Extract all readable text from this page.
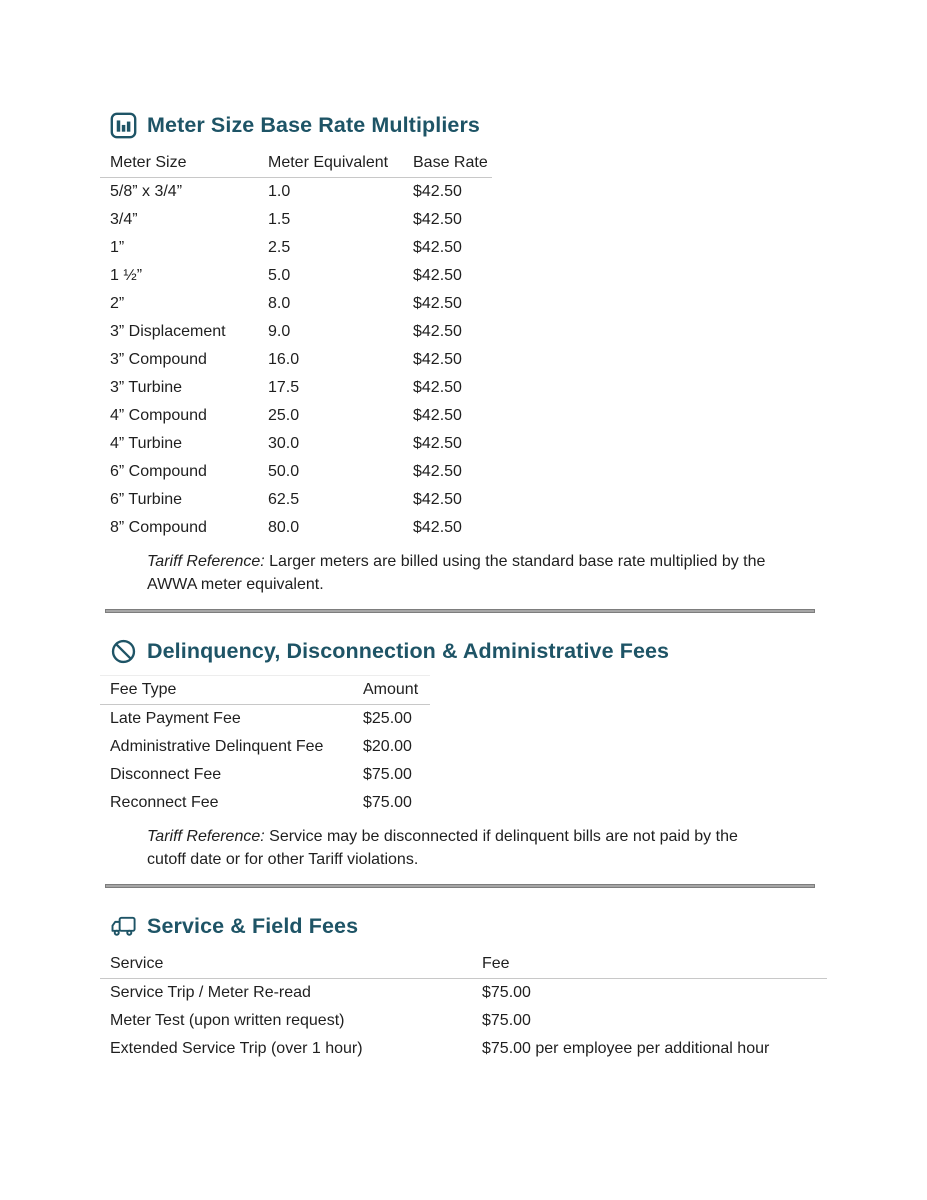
Meter Size Base Rate Multipliers
Meter Size	Meter Equivalent	Base Rate
5/8” x 3/4”	1.0	$42.50
3/4”	1.5	$42.50
1”	2.5	$42.50
1 ½”	5.0	$42.50
2”	8.0	$42.50
3” Displacement	9.0	$42.50
3” Compound	16.0	$42.50
3” Turbine	17.5	$42.50
4” Compound	25.0	$42.50
4” Turbine	30.0	$42.50
6” Compound	50.0	$42.50
6” Turbine	62.5	$42.50
8” Compound	80.0	$42.50
Tariff Reference: Larger meters are billed using the standard base rate multiplied by the AWWA meter equivalent.
Delinquency, Disconnection & Administrative Fees
Fee Type	Amount
Late Payment Fee	$25.00
Administrative Delinquent Fee	$20.00
Disconnect Fee	$75.00
Reconnect Fee	$75.00
Tariff Reference: Service may be disconnected if delinquent bills are not paid by the cutoff date or for other Tariff violations.
Service & Field Fees
Service	Fee
Service Trip / Meter Re-read	$75.00
Meter Test (upon written request)	$75.00
Extended Service Trip (over 1 hour)	$75.00 per employee per additional hour
